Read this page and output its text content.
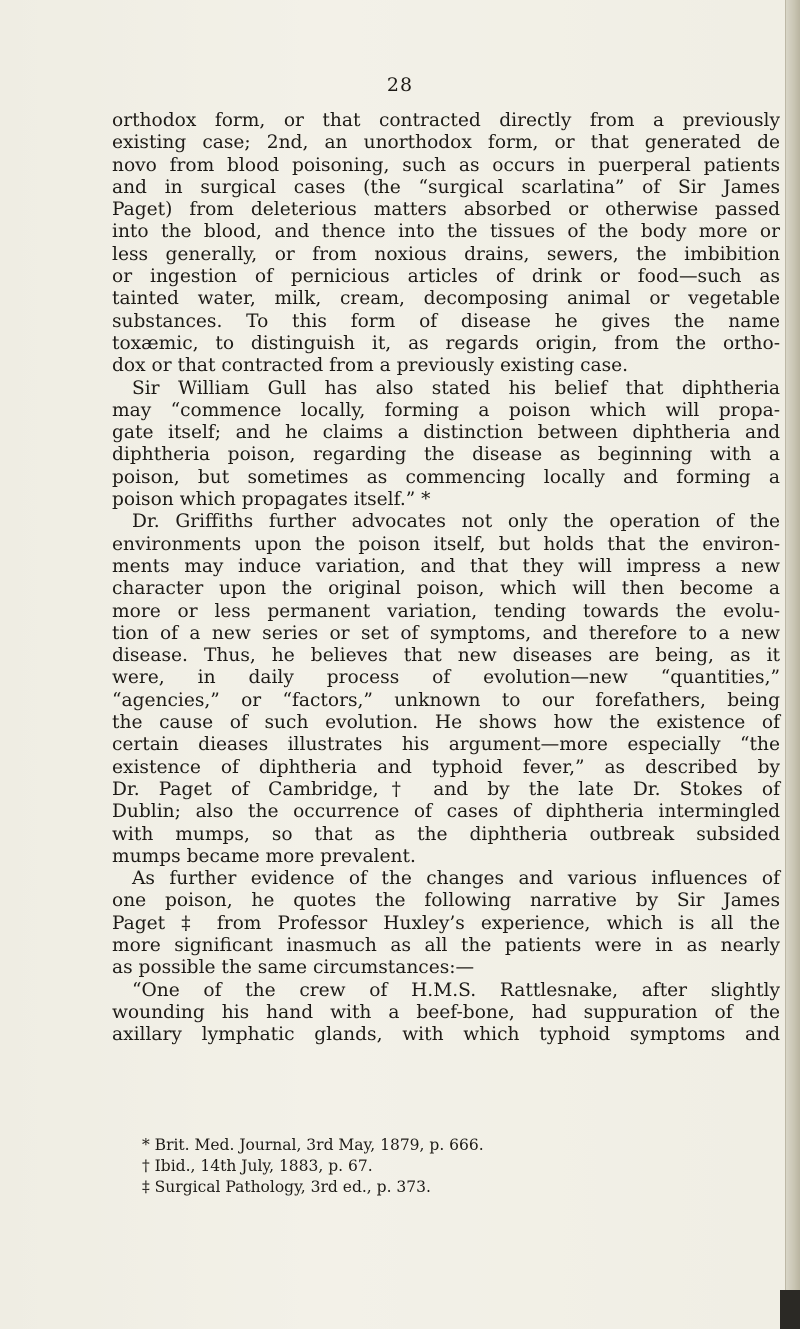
28
orthodox form, or that contracted directly from a previously
existing case; 2nd, an unorthodox form, or that generated de
novo from blood poisoning, such as occurs in puerperal patients
and in surgical cases (the “surgical scarlatina” of Sir James
Paget) from deleterious matters absorbed or otherwise passed
into the blood, and thence into the tissues of the body more or
less generally, or from noxious drains, sewers, the imbibition
or ingestion of pernicious articles of drink or food—such as
tainted water, milk, cream, decomposing animal or vegetable
substances. To this form of disease he gives the name
toxæmic, to distinguish it, as regards origin, from the ortho-
dox or that contracted from a previously existing case.
Sir William Gull has also stated his belief that diphtheria
may “commence locally, forming a poison which will propa-
gate itself; and he claims a distinction between diphtheria and
diphtheria poison, regarding the disease as beginning with a
poison, but sometimes as commencing locally and forming a
poison which propagates itself.” *
Dr. Griffiths further advocates not only the operation of the
environments upon the poison itself, but holds that the environ-
ments may induce variation, and that they will impress a new
character upon the original poison, which will then become a
more or less permanent variation, tending towards the evolu-
tion of a new series or set of symptoms, and therefore to a new
disease. Thus, he believes that new diseases are being, as it
were, in daily process of evolution—new “quantities,”
“agencies,” or “factors,” unknown to our forefathers, being
the cause of such evolution. He shows how the existence of
certain dieases illustrates his argument—more especially “the
existence of diphtheria and typhoid fever,” as described by
Dr. Paget of Cambridge,† and by the late Dr. Stokes of
Dublin; also the occurrence of cases of diphtheria intermingled
with mumps, so that as the diphtheria outbreak subsided
mumps became more prevalent.
As further evidence of the changes and various influences of
one poison, he quotes the following narrative by Sir James
Paget ‡ from Professor Huxley’s experience, which is all the
more significant inasmuch as all the patients were in as nearly
as possible the same circumstances:—
“One of the crew of H.M.S. Rattlesnake, after slightly
wounding his hand with a beef-bone, had suppuration of the
axillary lymphatic glands, with which typhoid symptoms and
* Brit. Med. Journal, 3rd May, 1879, p. 666.
† Ibid., 14th July, 1883, p. 67.
‡ Surgical Pathology, 3rd ed., p. 373.
